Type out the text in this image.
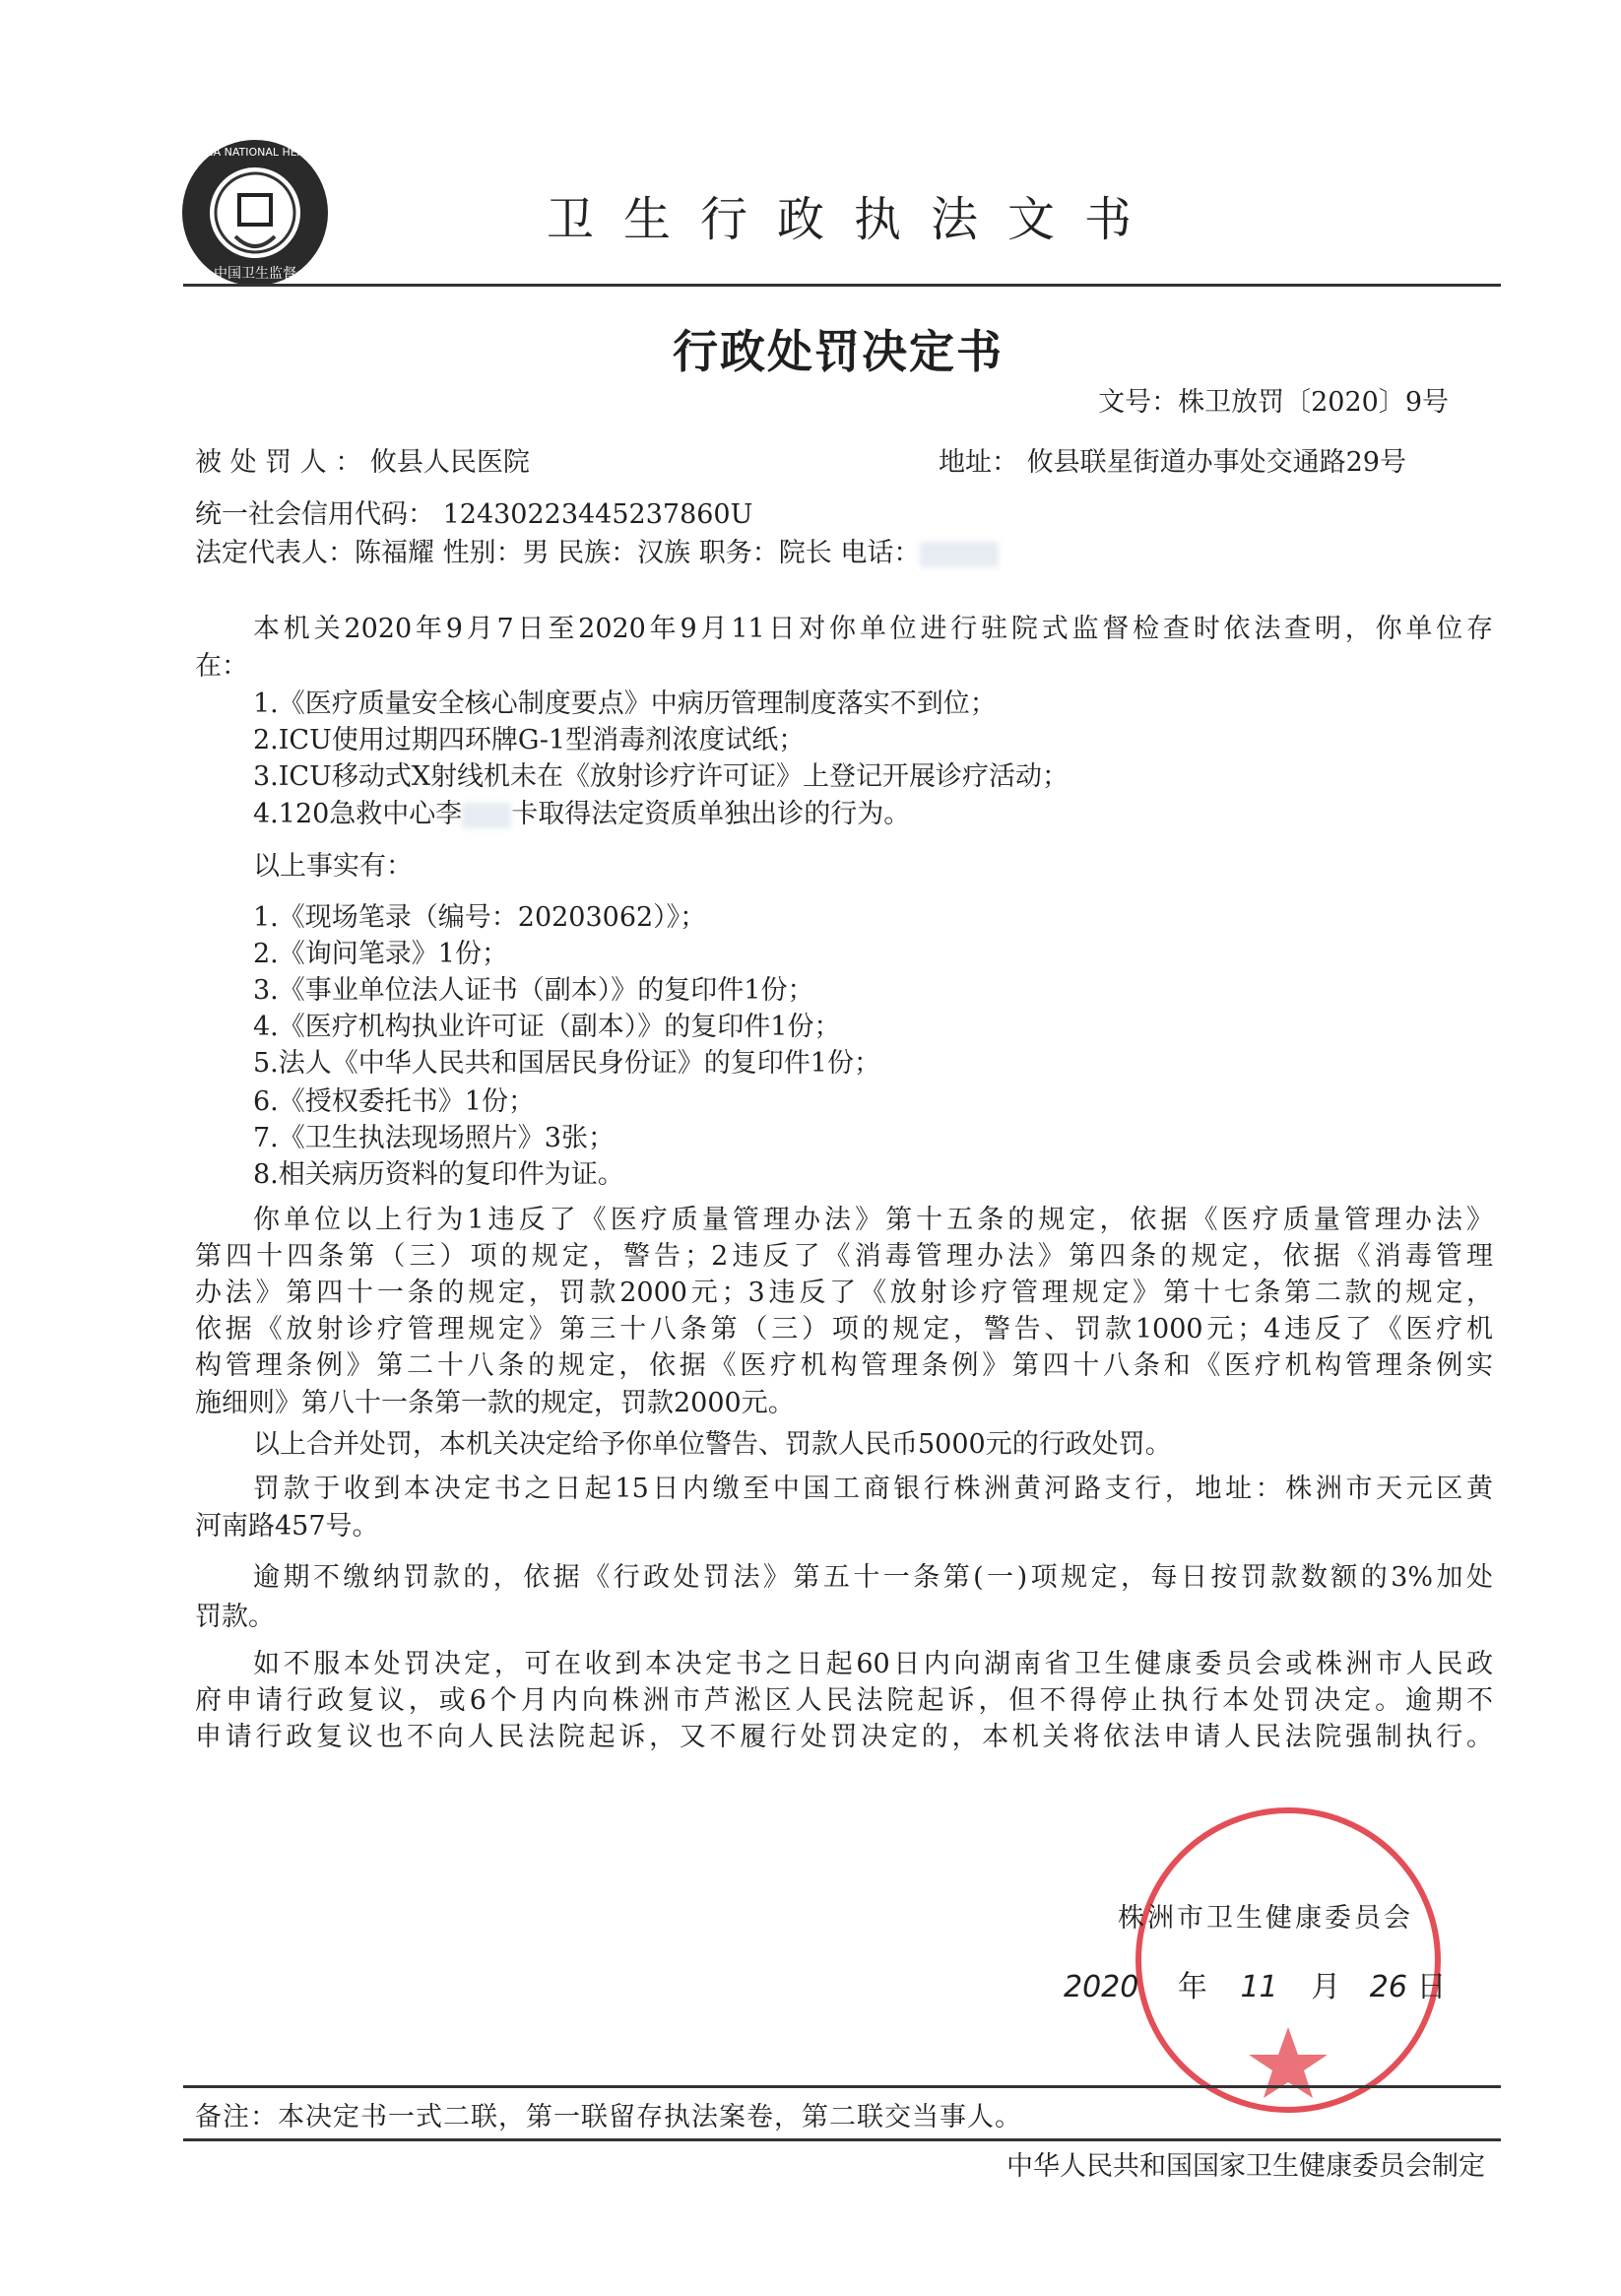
CHINA NATIONAL HEALTH
中国卫生监督
卫生行政执法文书
行政处罚决定书
文号：株卫放罚〔2020〕9号
被 处 罚 人 ： 攸县人民医院	地址： 攸县联星街道办事处交通路29号
统一社会信用代码： 12430223445237860U
法定代表人：陈福耀 性别：男 民族：汉族 职务：院长 电话：
本机关2020年9月7日至2020年9月11日对你单位进行驻院式监督检查时依法查明，你单位存
在：
1.《医疗质量安全核心制度要点》中病历管理制度落实不到位；
2.ICU使用过期四环牌G-1型消毒剂浓度试纸；
3.ICU移动式X射线机未在《放射诊疗许可证》上登记开展诊疗活动；
4.120急救中心李 卡取得法定资质单独出诊的行为。
以上事实有：
1.《现场笔录（编号：20203062）》；
2.《询问笔录》1份；
3.《事业单位法人证书（副本）》的复印件1份；
4.《医疗机构执业许可证（副本）》的复印件1份；
5.法人《中华人民共和国居民身份证》的复印件1份；
6.《授权委托书》1份；
7.《卫生执法现场照片》3张；
8.相关病历资料的复印件为证。
你单位以上行为1违反了《医疗质量管理办法》第十五条的规定，依据《医疗质量管理办法》
第四十四条第（三）项的规定，警告；2违反了《消毒管理办法》第四条的规定，依据《消毒管理
办法》第四十一条的规定，罚款2000元；3违反了《放射诊疗管理规定》第十七条第二款的规定，
依据《放射诊疗管理规定》第三十八条第（三）项的规定，警告、罚款1000元；4违反了《医疗机
构管理条例》第二十八条的规定，依据《医疗机构管理条例》第四十八条和《医疗机构管理条例实
施细则》第八十一条第一款的规定，罚款2000元。
以上合并处罚，本机关决定给予你单位警告、罚款人民币5000元的行政处罚。
罚款于收到本决定书之日起15日内缴至中国工商银行株洲黄河路支行，地址：株洲市天元区黄
河南路457号。
逾期不缴纳罚款的，依据《行政处罚法》第五十一条第(一)项规定，每日按罚款数额的3%加处
罚款。
如不服本处罚决定，可在收到本决定书之日起60日内向湖南省卫生健康委员会或株洲市人民政
府申请行政复议，或6个月内向株洲市芦淞区人民法院起诉，但不得停止执行本处罚决定。逾期不
申请行政复议也不向人民法院起诉，又不履行处罚决定的，本机关将依法申请人民法院强制执行。
株洲市卫生健康委员会
2020 年 11 月 26 日
备注：本决定书一式二联，第一联留存执法案卷，第二联交当事人。
中华人民共和国国家卫生健康委员会制定
